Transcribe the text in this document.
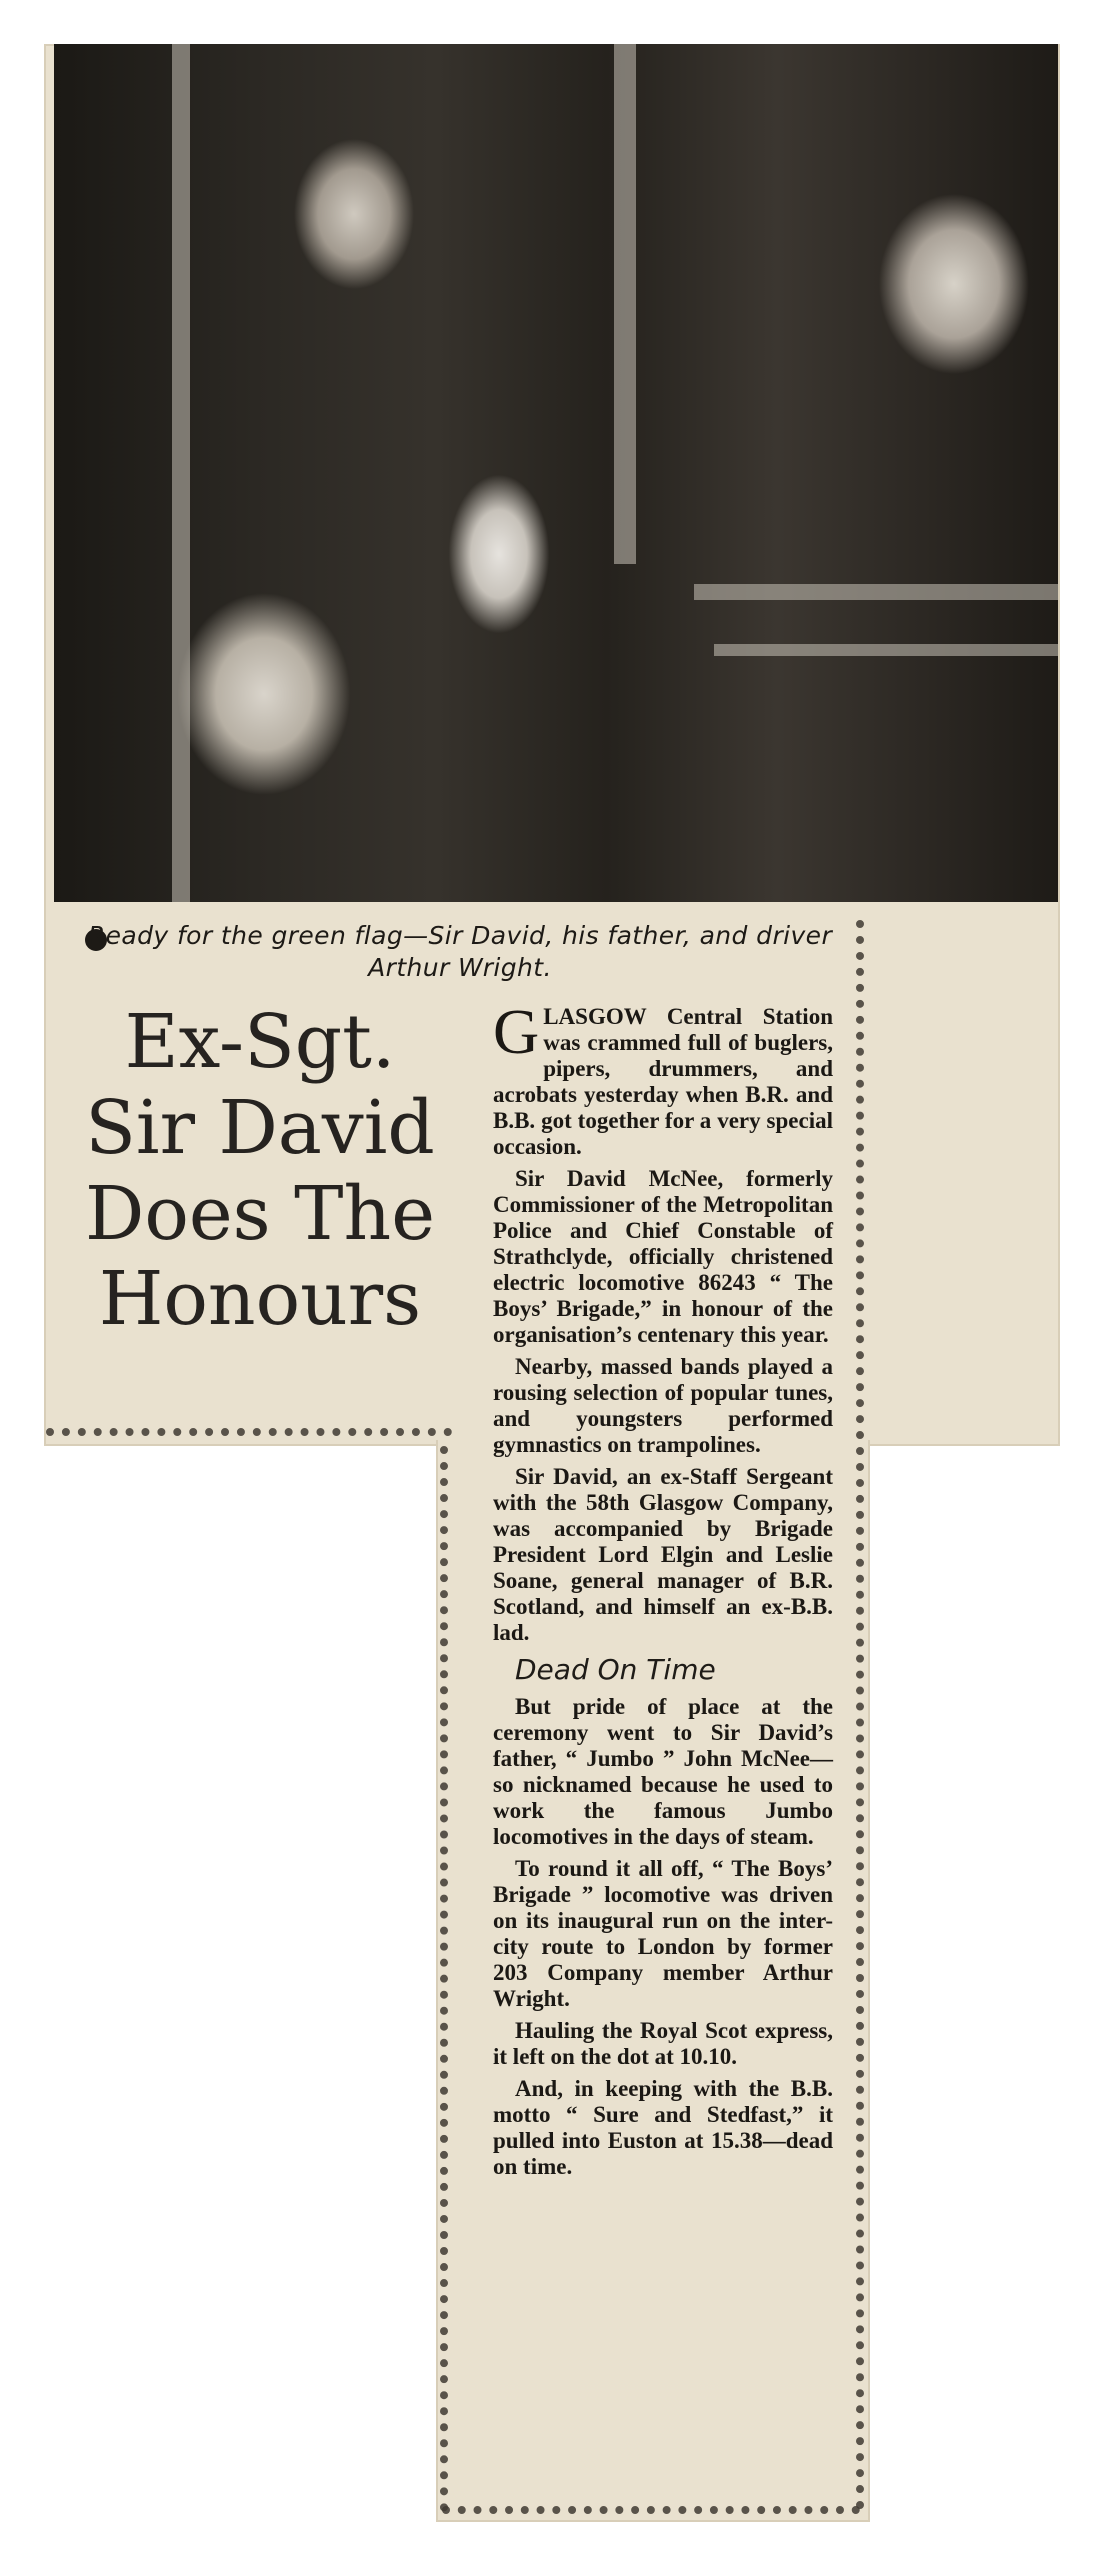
Ready for the green flag—Sir David, his father, and driver Arthur Wright.
Ex-Sgt.
Sir David
Does The
Honours

GLASGOW Central Station was crammed full of buglers, pipers, drummers, and acrobats yesterday when B.R. and B.B. got together for a very special occasion.

Sir David McNee, formerly Commissioner of the Metropolitan Police and Chief Constable of Strathclyde, officially christened electric locomotive 86243 “ The Boys’ Brigade,” in honour of the organisation’s centenary this year.

Nearby, massed bands played a rousing selection of popular tunes, and youngsters performed gymnastics on trampolines.

Sir David, an ex-Staff Sergeant with the 58th Glasgow Company, was accompanied by Brigade President Lord Elgin and Leslie Soane, general manager of B.R. Scotland, and himself an ex-B.B. lad.

Dead On Time

But pride of place at the ceremony went to Sir David’s father, “ Jumbo ” John McNee—so nicknamed because he used to work the famous Jumbo locomotives in the days of steam.

To round it all off, “ The Boys’ Brigade ” locomotive was driven on its inaugural run on the inter-city route to London by former 203 Company member Arthur Wright.

Hauling the Royal Scot express, it left on the dot at 10.10.

And, in keeping with the B.B. motto “ Sure and Stedfast,” it pulled into Euston at 15.38—dead on time.
